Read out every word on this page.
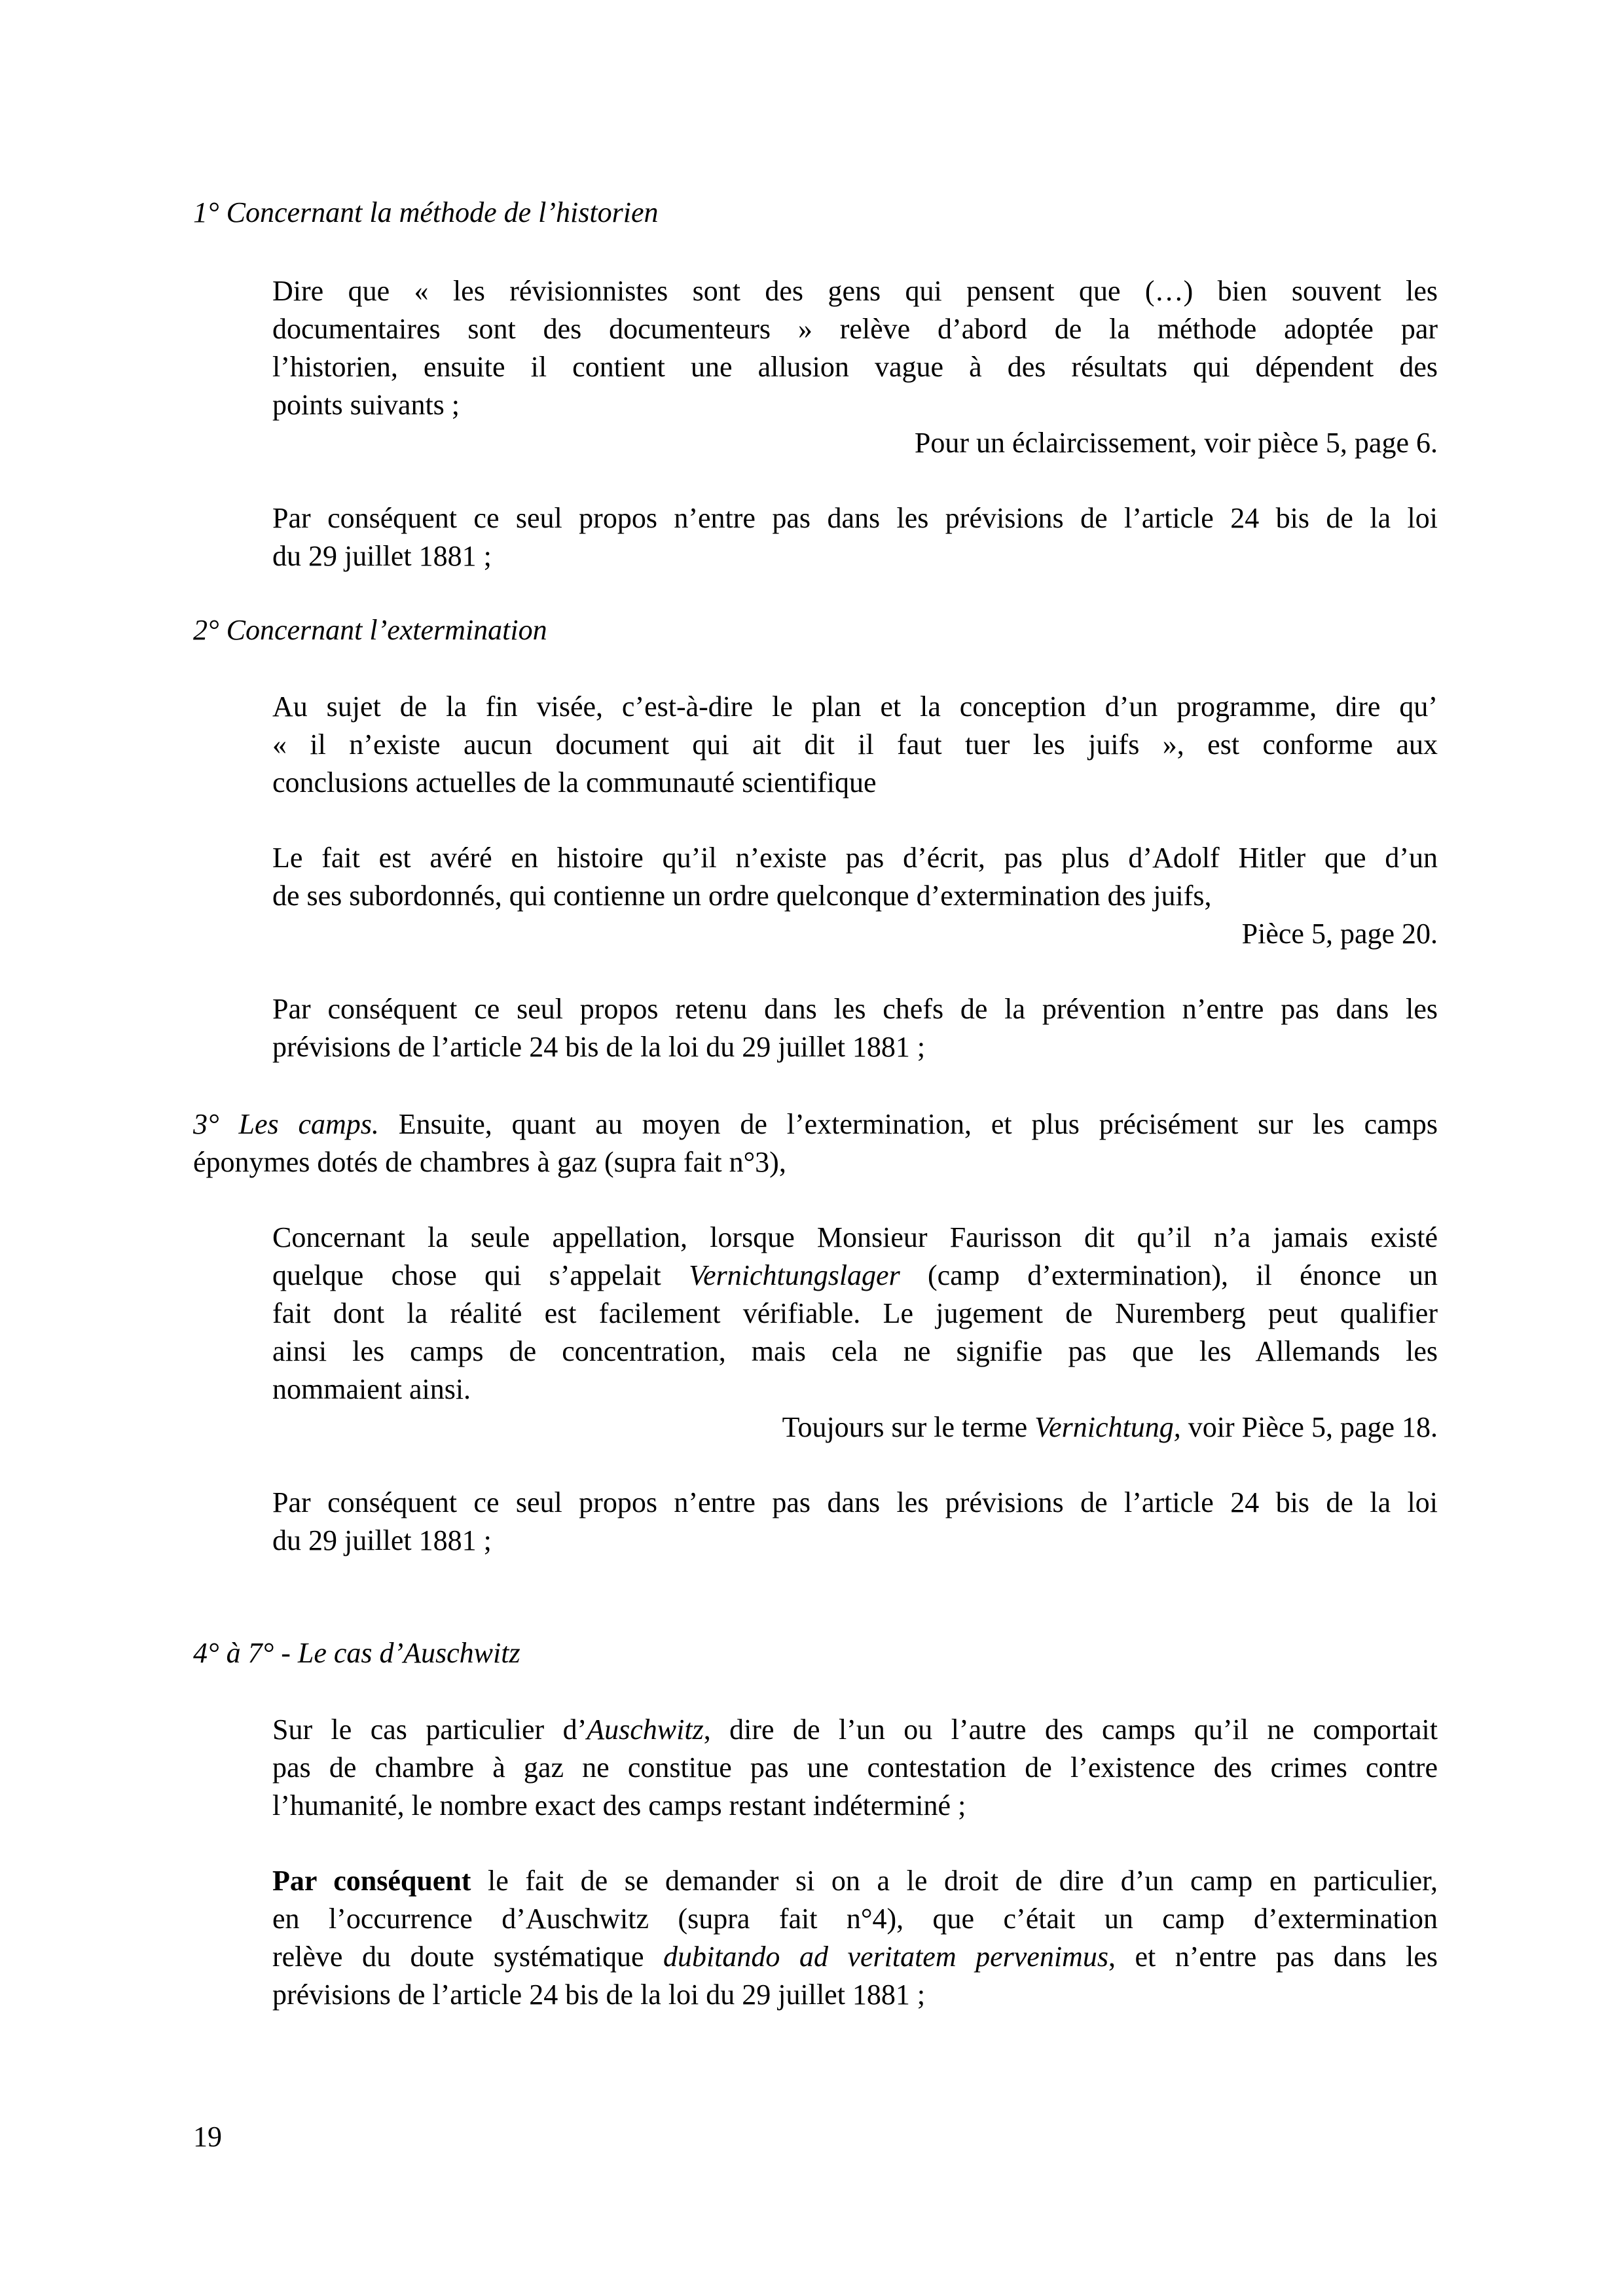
1° Concernant la méthode de l’historien
Dire que « les révisionnistes sont des gens qui pensent que (…) bien souvent les
documentaires sont des documenteurs » relève d’abord de la méthode adoptée par
l’historien, ensuite il contient une allusion vague à des résultats qui dépendent des
points suivants ;
Pour un éclaircissement, voir pièce 5, page 6.
Par conséquent ce seul propos n’entre pas dans les prévisions de l’article 24 bis de la loi
du 29 juillet 1881 ;
2° Concernant l’extermination
Au sujet de la fin visée, c’est-à-dire le plan et la conception d’un programme, dire qu’
« il n’existe aucun document qui ait dit il faut tuer les juifs », est conforme aux
conclusions actuelles de la communauté scientifique
Le fait est avéré en histoire qu’il n’existe pas d’écrit, pas plus d’Adolf Hitler que d’un
de ses subordonnés, qui contienne un ordre quelconque d’extermination des juifs,
Pièce 5, page 20.
Par conséquent ce seul propos retenu dans les chefs de la prévention n’entre pas dans les
prévisions de l’article 24 bis de la loi du 29 juillet 1881 ;
3° Les camps. Ensuite, quant au moyen de l’extermination, et plus précisément sur les camps
éponymes dotés de chambres à gaz (supra fait n°3),
Concernant la seule appellation, lorsque Monsieur Faurisson dit qu’il n’a jamais existé
quelque chose qui s’appelait Vernichtungslager (camp d’extermination), il énonce un
fait dont la réalité est facilement vérifiable. Le jugement de Nuremberg peut qualifier
ainsi les camps de concentration, mais cela ne signifie pas que les Allemands les
nommaient ainsi.
Toujours sur le terme Vernichtung, voir Pièce 5, page 18.
Par conséquent ce seul propos n’entre pas dans les prévisions de l’article 24 bis de la loi
du 29 juillet 1881 ;
4° à 7° - Le cas d’Auschwitz
Sur le cas particulier d’Auschwitz, dire de l’un ou l’autre des camps qu’il ne comportait
pas de chambre à gaz ne constitue pas une contestation de l’existence des crimes contre
l’humanité, le nombre exact des camps restant indéterminé ;
Par conséquent le fait de se demander si on a le droit de dire d’un camp en particulier,
en l’occurrence d’Auschwitz (supra fait n°4), que c’était un camp d’extermination
relève du doute systématique dubitando ad veritatem pervenimus, et n’entre pas dans les
prévisions de l’article 24 bis de la loi du 29 juillet 1881 ;
19
